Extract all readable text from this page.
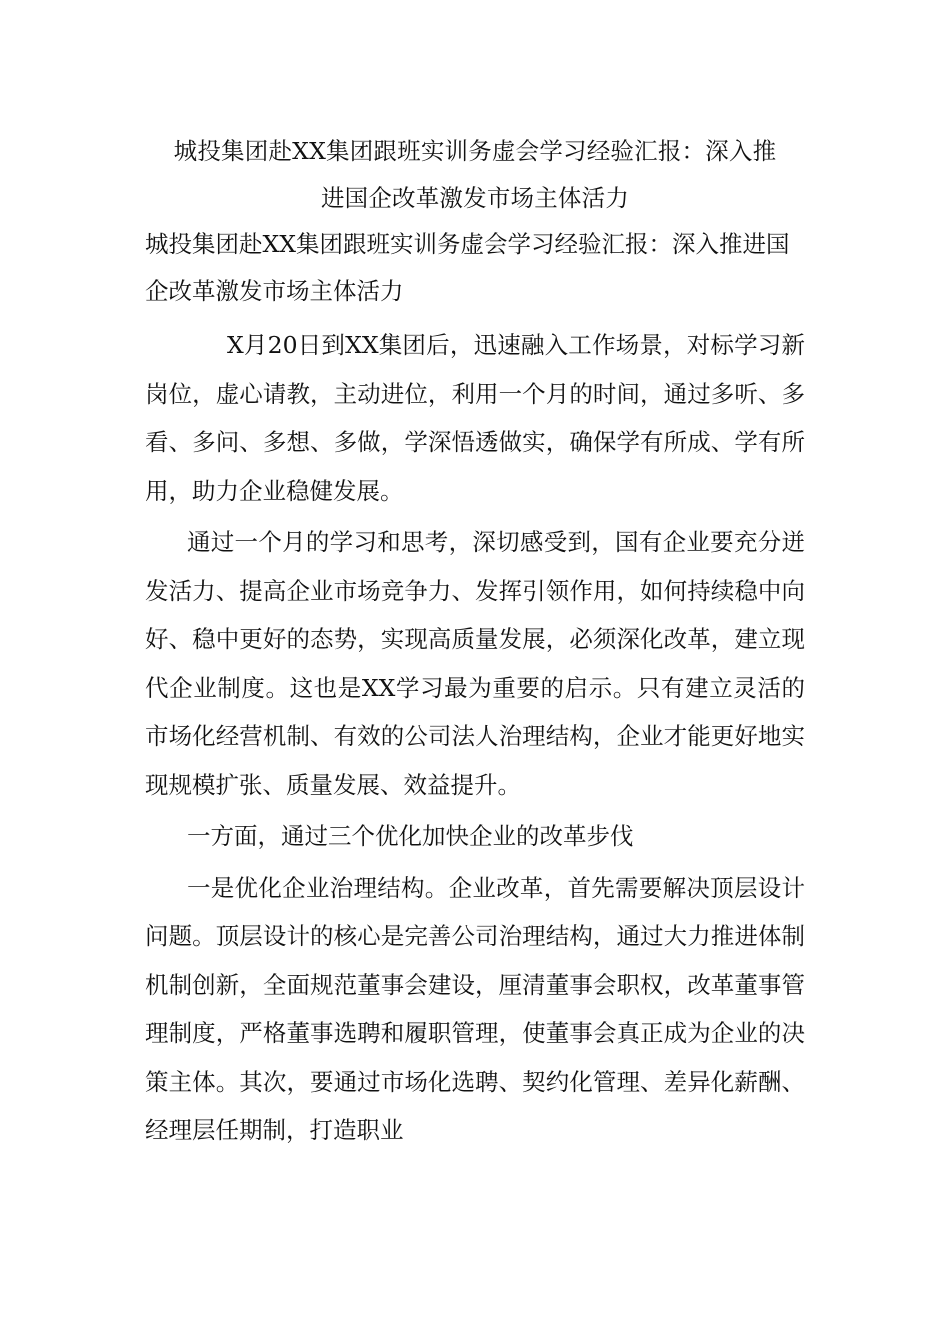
城投集团赴XX集团跟班实训务虚会学习经验汇报：深入推
进国企改革激发市场主体活力
城投集团赴XX集团跟班实训务虚会学习经验汇报：深入推进国企改革激发市场主体活力

X月20日到XX集团后，迅速融入工作场景，对标学习新岗位，虚心请教，主动进位，利用一个月的时间，通过多听、多看、多问、多想、多做，学深悟透做实，确保学有所成、学有所用，助力企业稳健发展。

通过一个月的学习和思考，深切感受到，国有企业要充分迸发活力、提高企业市场竞争力、发挥引领作用，如何持续稳中向好、稳中更好的态势，实现高质量发展，必须深化改革，建立现代企业制度。这也是XX学习最为重要的启示。只有建立灵活的市场化经营机制、有效的公司法人治理结构，企业才能更好地实现规模扩张、质量发展、效益提升。

一方面，通过三个优化加快企业的改革步伐

一是优化企业治理结构。企业改革，首先需要解决顶层设计问题。顶层设计的核心是完善公司治理结构，通过大力推进体制机制创新，全面规范董事会建设，厘清董事会职权，改革董事管理制度，严格董事选聘和履职管理，使董事会真正成为企业的决策主体。其次，要通过市场化选聘、契约化管理、差异化薪酬、经理层任期制，打造职业
